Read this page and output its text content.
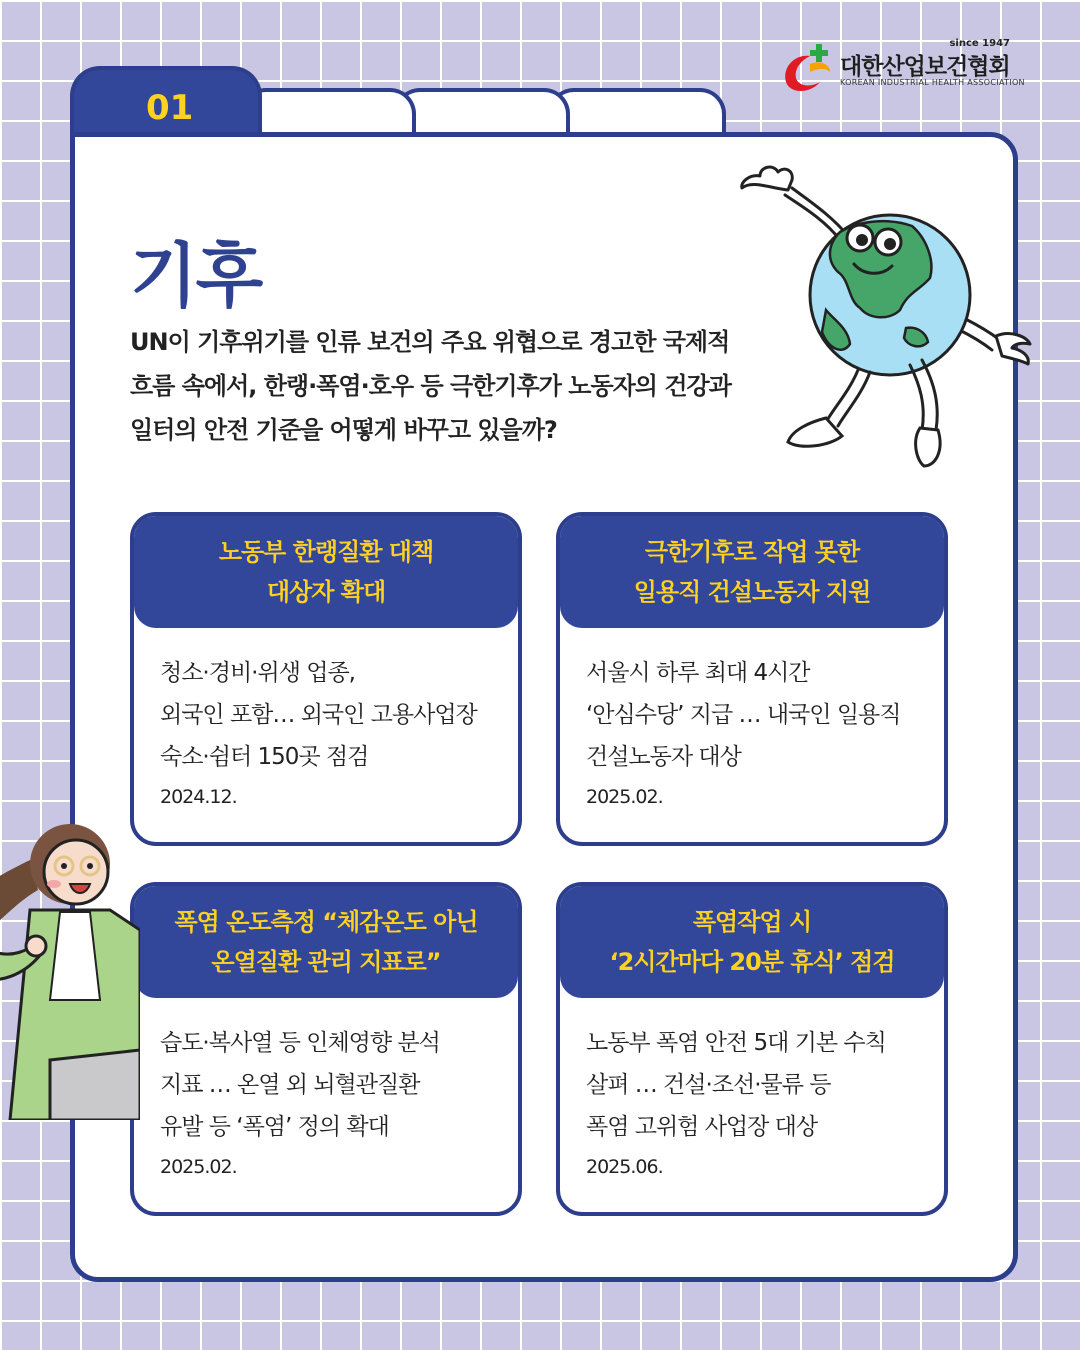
since 1947
대한산업보건협회
KOREAN INDUSTRIAL HEALTH ASSOCIATION
01
기후

UN이 기후위기를 인류 보건의 주요 위협으로 경고한 국제적

흐름 속에서, 한랭·폭염·호우 등 극한기후가 노동자의 건강과

일터의 안전 기준을 어떻게 바꾸고 있을까?

노동부 한랭질환 대책
대상자 확대

청소·경비·위생 업종,

외국인 포함… 외국인 고용사업장

숙소·쉼터 150곳 점검

2024.12.
극한기후로 작업 못한
일용직 건설노동자 지원

서울시 하루 최대 4시간

‘안심수당’ 지급 … 내국인 일용직

건설노동자 대상

2025.02.
폭염 온도측정 “체감온도 아닌
온열질환 관리 지표로”

습도·복사열 등 인체영향 분석

지표 … 온열 외 뇌혈관질환

유발 등 ‘폭염’ 정의 확대

2025.02.
폭염작업 시
‘2시간마다 20분 휴식’ 점검

노동부 폭염 안전 5대 기본 수칙

살펴 … 건설·조선·물류 등

폭염 고위험 사업장 대상

2025.06.
